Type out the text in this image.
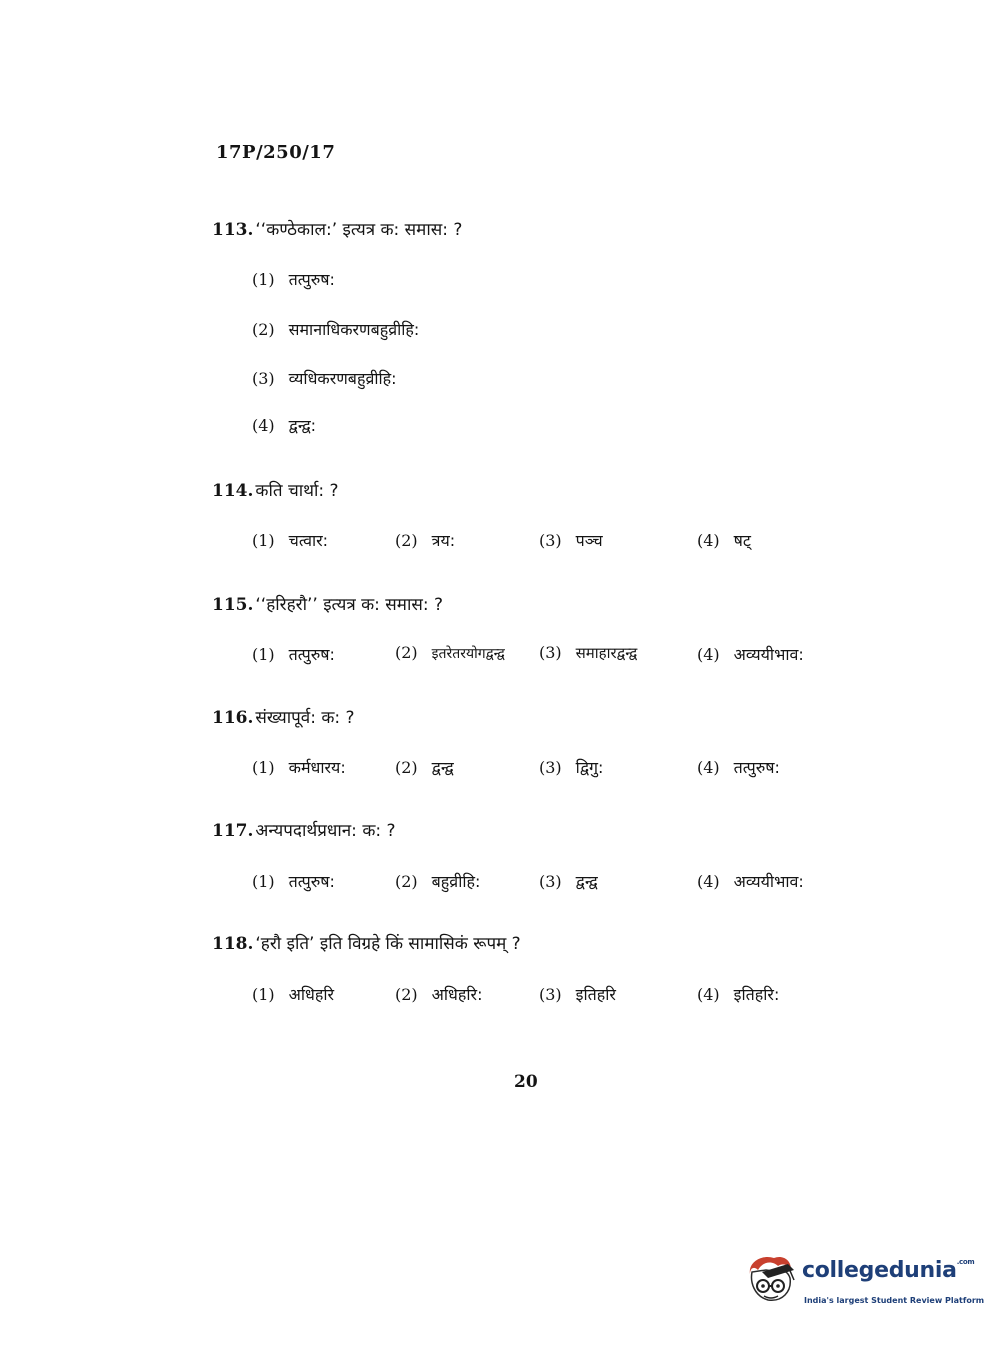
17P/250/17
113. ‘‘कण्ठेकाल:’ इत्यत्र क: समास: ?
(1) तत्पुरुष:
(2) समानाधिकरणबहुव्रीहि:
(3) व्यधिकरणबहुव्रीहि:
(4) द्वन्द्व:
114. कति चार्था: ?
(1) चत्वार:	(2) त्रय:	(3) पञ्च	(4) षट्
115. ‘‘हरिहरौ’’ इत्यत्र क: समास: ?
(1) तत्पुरुष:	(2) इतरेतरयोगद्वन्द्व (3) समाहारद्वन्द्व	(4) अव्ययीभाव:
116. संख्यापूर्व: क: ?
(1) कर्मधारय:	(2) द्वन्द्व	(3) द्विगु:	(4) तत्पुरुष:
117. अन्यपदार्थप्रधान: क: ?
(1) तत्पुरुष:	(2) बहुव्रीहि:	(3) द्वन्द्व	(4) अव्ययीभाव:
118. ‘हरौ इति’ इति विग्रहे किं सामासिकं रूपम् ?
(1) अधिहरि	(2) अधिहरि:	(3) इतिहरि	(4) इतिहरि:
20
collegedunia$^{.com}$
India's largest Student Review Platform
